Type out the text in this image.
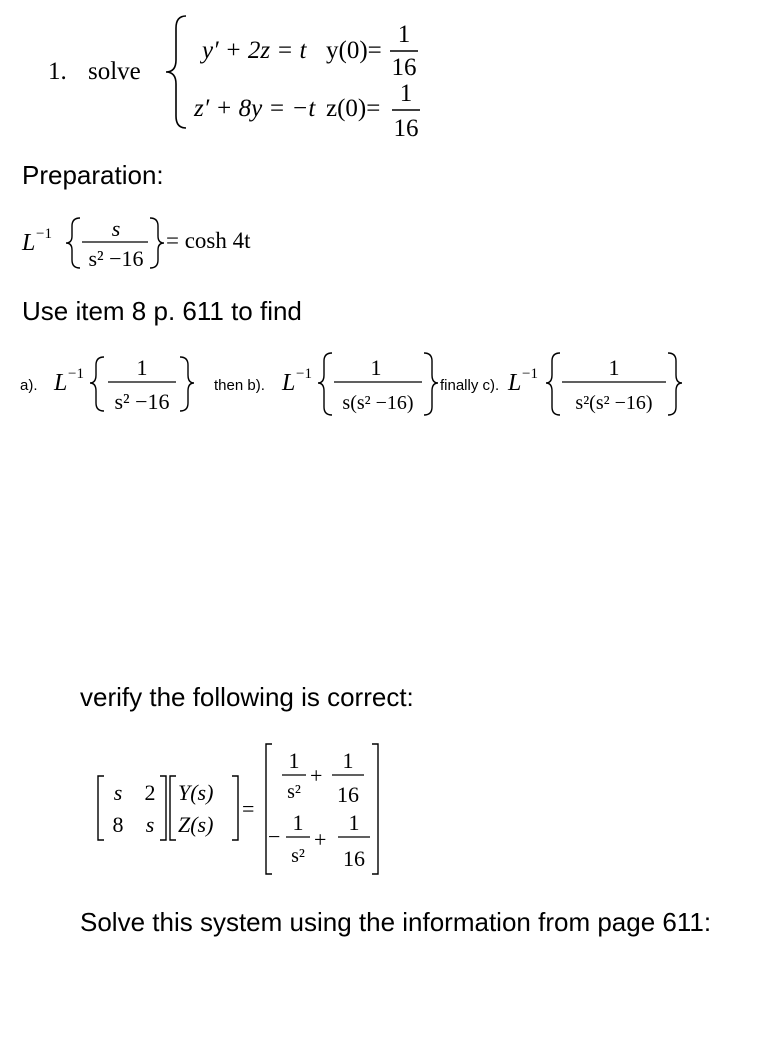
1. solve
y′ + 2z = t y(0)=
1
16
z′ + 8y = −t z(0)=
1
16
Preparation:
L −1	s
s² −16
= cosh 4t
Use item 8 p. 611 to find
a). L −1 1
s² −16
then b). L −1	1
s(s² −16)
finally c). L −1	1
s²(s² −16)
verify the following is correct:
s 2
8 s
Y(s)
Z(s)
=
1
s²
+
1
16
−
1
s²
+
1
16
Solve this system using the information from page 611:
